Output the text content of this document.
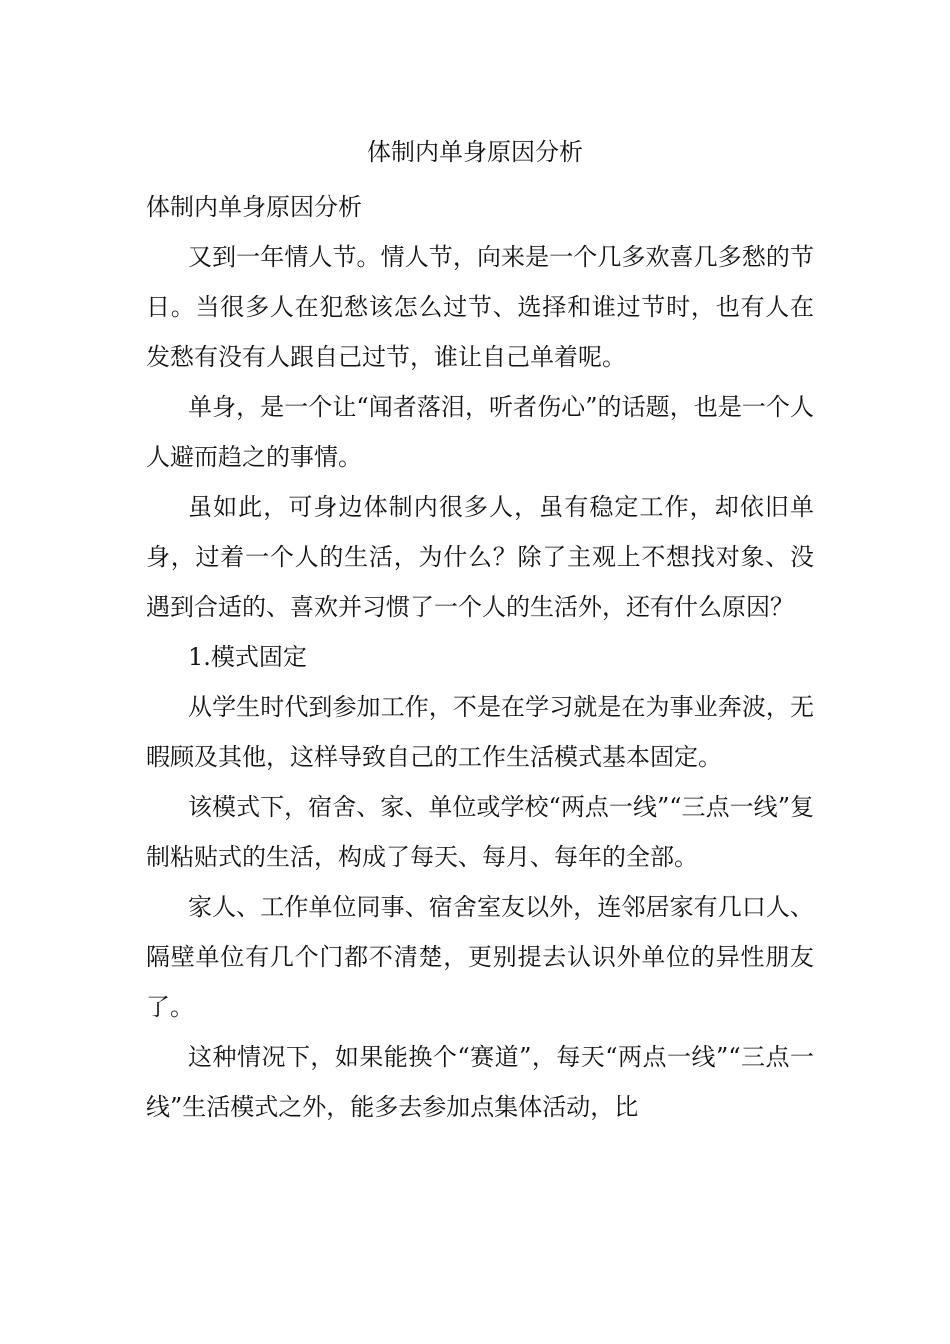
体制内单身原因分析

体制内单身原因分析

又到一年情人节。情人节，向来是一个几多欢喜几多愁的节日。当很多人在犯愁该怎么过节、选择和谁过节时，也有人在发愁有没有人跟自己过节，谁让自己单着呢。

单身，是一个让“闻者落泪，听者伤心”的话题，也是一个人人避而趋之的事情。

虽如此，可身边体制内很多人，虽有稳定工作，却依旧单身，过着一个人的生活，为什么？除了主观上不想找对象、没遇到合适的、喜欢并习惯了一个人的生活外，还有什么原因？

1.模式固定

从学生时代到参加工作，不是在学习就是在为事业奔波，无暇顾及其他，这样导致自己的工作生活模式基本固定。

该模式下，宿舍、家、单位或学校“两点一线”“三点一线”复制粘贴式的生活，构成了每天、每月、每年的全部。

家人、工作单位同事、宿舍室友以外，连邻居家有几口人、隔壁单位有几个门都不清楚，更别提去认识外单位的异性朋友了。

这种情况下，如果能换个“赛道”，每天“两点一线”“三点一线”生活模式之外，能多去参加点集体活动，比
